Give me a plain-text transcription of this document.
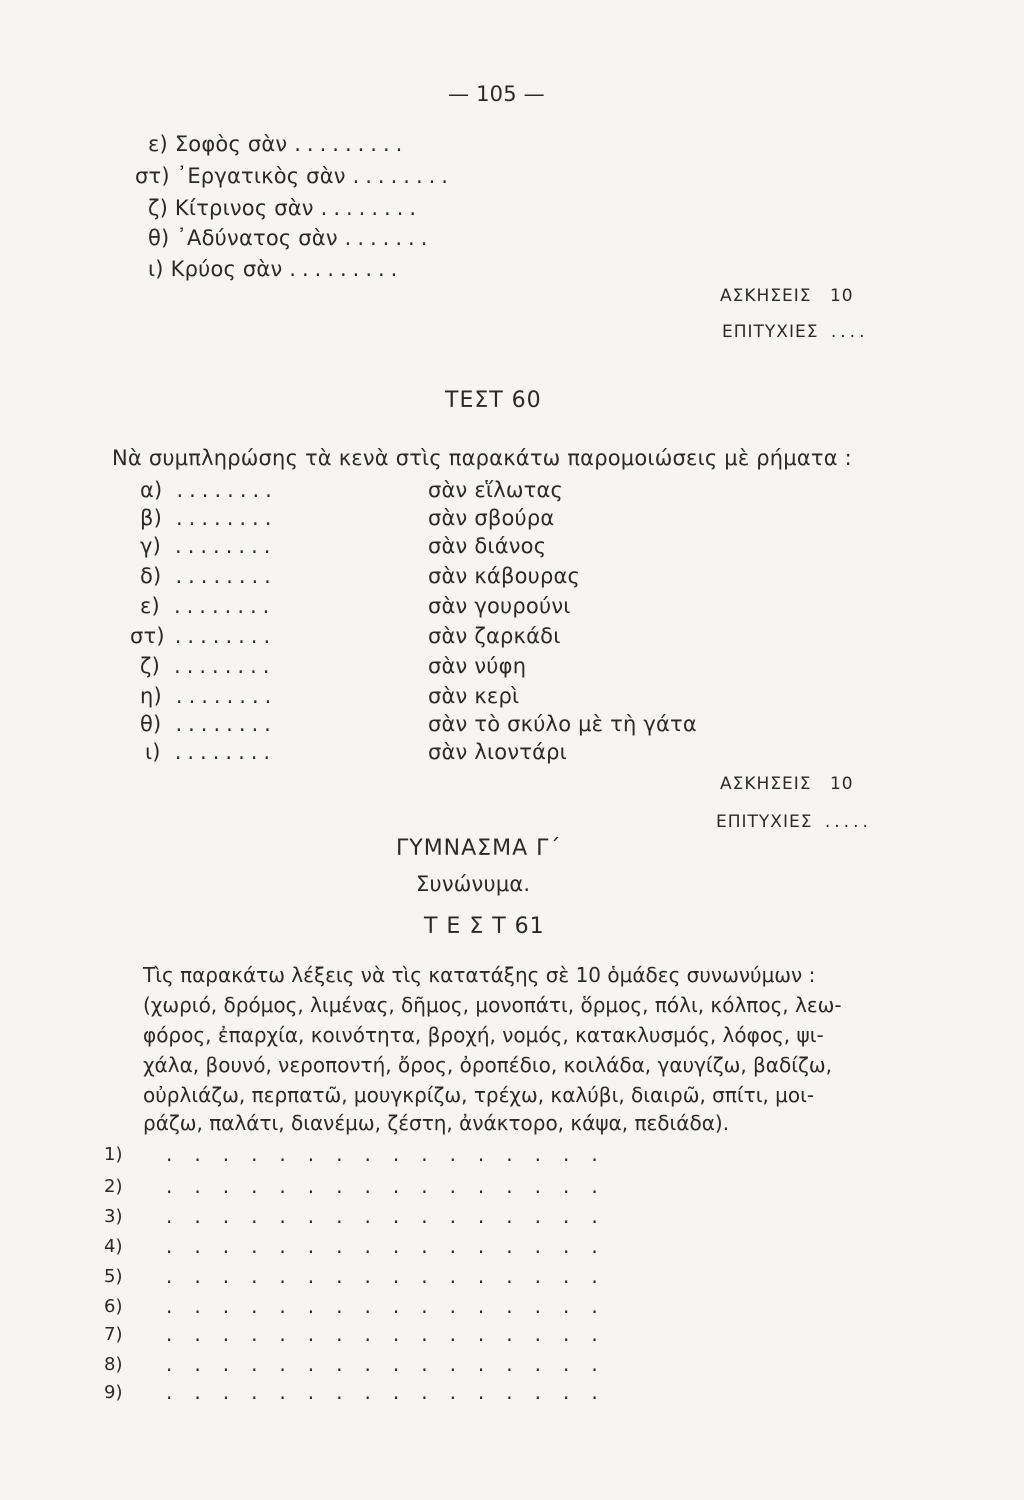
— 105 —
ε) Σοφὸς σὰν .........
στ) ᾿Εργατικὸς σὰν ........
ζ) Κίτρινος σὰν ........
θ) ᾿Αδύνατος σὰν .......
ι) Κρύος σὰν .........
ΑΣΚΗΣΕΙΣ 10
ΕΠΙΤΥΧΙΕΣ ....
ΤΕΣΤ 60
Νὰ συμπληρώσης τὰ κενὰ στὶς παρακάτω παρομοιώσεις μὲ ρήματα :
α) ........	σὰν εἵλωτας
β) ........	σὰν σβούρα
γ) ........	σὰν διάνος
δ) ........	σὰν κάβουρας
ε) ........	σὰν γουρούνι
στ) ........	σὰν ζαρκάδι
ζ) ........	σὰν νύφη
η) ........	σὰν κερὶ
θ) ........	σὰν τὸ σκύλο μὲ τὴ γάτα
ι) ........	σὰν λιοντάρι
ΑΣΚΗΣΕΙΣ 10
ΕΠΙΤΥΧΙΕΣ .....
ΓΥΜΝΑΣΜΑ Γ΄
Συνώνυμα.
Τ Ε Σ Τ 61
Τὶς παρακάτω λέξεις νὰ τὶς κατατάξης σὲ 10 ὁμάδες συνωνύμων :
(χωριό, δρόμος, λιμένας, δῆμος, μονοπάτι, ὅρμος, πόλι, κόλπος, λεω-
φόρος, ἐπαρχία, κοινότητα, βροχή, νομός, κατακλυσμός, λόφος, ψι-
χάλα, βουνό, νεροποντή, ὄρος, ὀροπέδιο, κοιλάδα, γαυγίζω, βαδίζω,
οὐρλιάζω, περπατῶ, μουγκρίζω, τρέχω, καλύβι, διαιρῶ, σπίτι, μοι-
ράζω, παλάτι, διανέμω, ζέστη, ἀνάκτορο, κάψα, πεδιάδα).
1) ................
2) ................
3) ................
4) ................
5) ................
6) ................
7) ................
8) ................
9) ................
